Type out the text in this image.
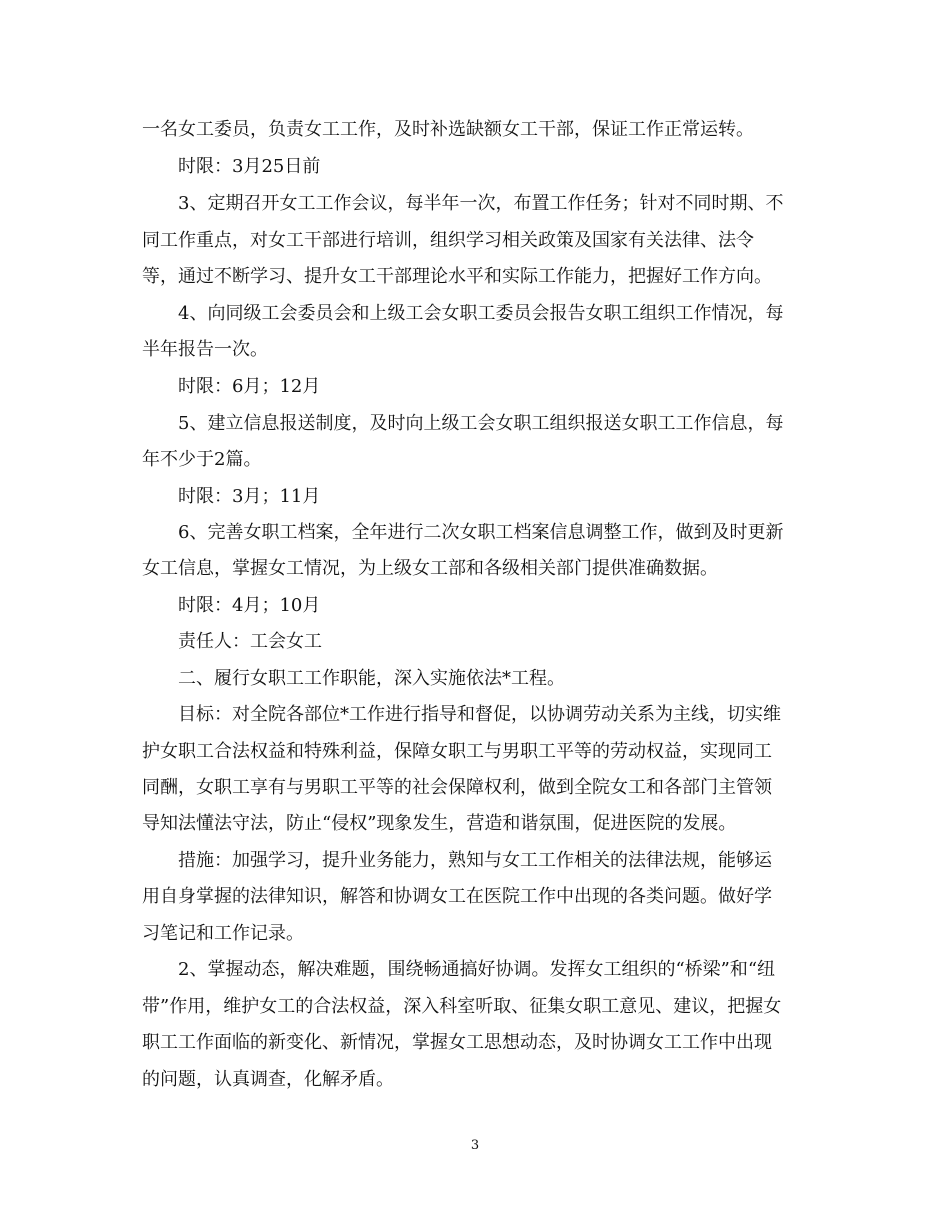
一名女工委员，负责女工工作，及时补选缺额女工干部，保证工作正常运转。
时限：3月25日前
3、定期召开女工工作会议，每半年一次，布置工作任务；针对不同时期、不
同工作重点，对女工干部进行培训，组织学习相关政策及国家有关法律、法令
等，通过不断学习、提升女工干部理论水平和实际工作能力，把握好工作方向。
4、向同级工会委员会和上级工会女职工委员会报告女职工组织工作情况，每
半年报告一次。
时限：6月；12月
5、建立信息报送制度，及时向上级工会女职工组织报送女职工工作信息，每
年不少于2篇。
时限：3月；11月
6、完善女职工档案，全年进行二次女职工档案信息调整工作，做到及时更新
女工信息，掌握女工情况，为上级女工部和各级相关部门提供准确数据。
时限：4月；10月
责任人：工会女工
二、履行女职工工作职能，深入实施依法*工程。
目标：对全院各部位*工作进行指导和督促，以协调劳动关系为主线，切实维
护女职工合法权益和特殊利益，保障女职工与男职工平等的劳动权益，实现同工
同酬，女职工享有与男职工平等的社会保障权利，做到全院女工和各部门主管领
导知法懂法守法，防止“侵权”现象发生，营造和谐氛围，促进医院的发展。
措施：加强学习，提升业务能力，熟知与女工工作相关的法律法规，能够运
用自身掌握的法律知识，解答和协调女工在医院工作中出现的各类问题。做好学
习笔记和工作记录。
2、掌握动态，解决难题，围绕畅通搞好协调。发挥女工组织的“桥梁”和“纽
带”作用，维护女工的合法权益，深入科室听取、征集女职工意见、建议，把握女
职工工作面临的新变化、新情况，掌握女工思想动态，及时协调女工工作中出现
的问题，认真调查，化解矛盾。
3
